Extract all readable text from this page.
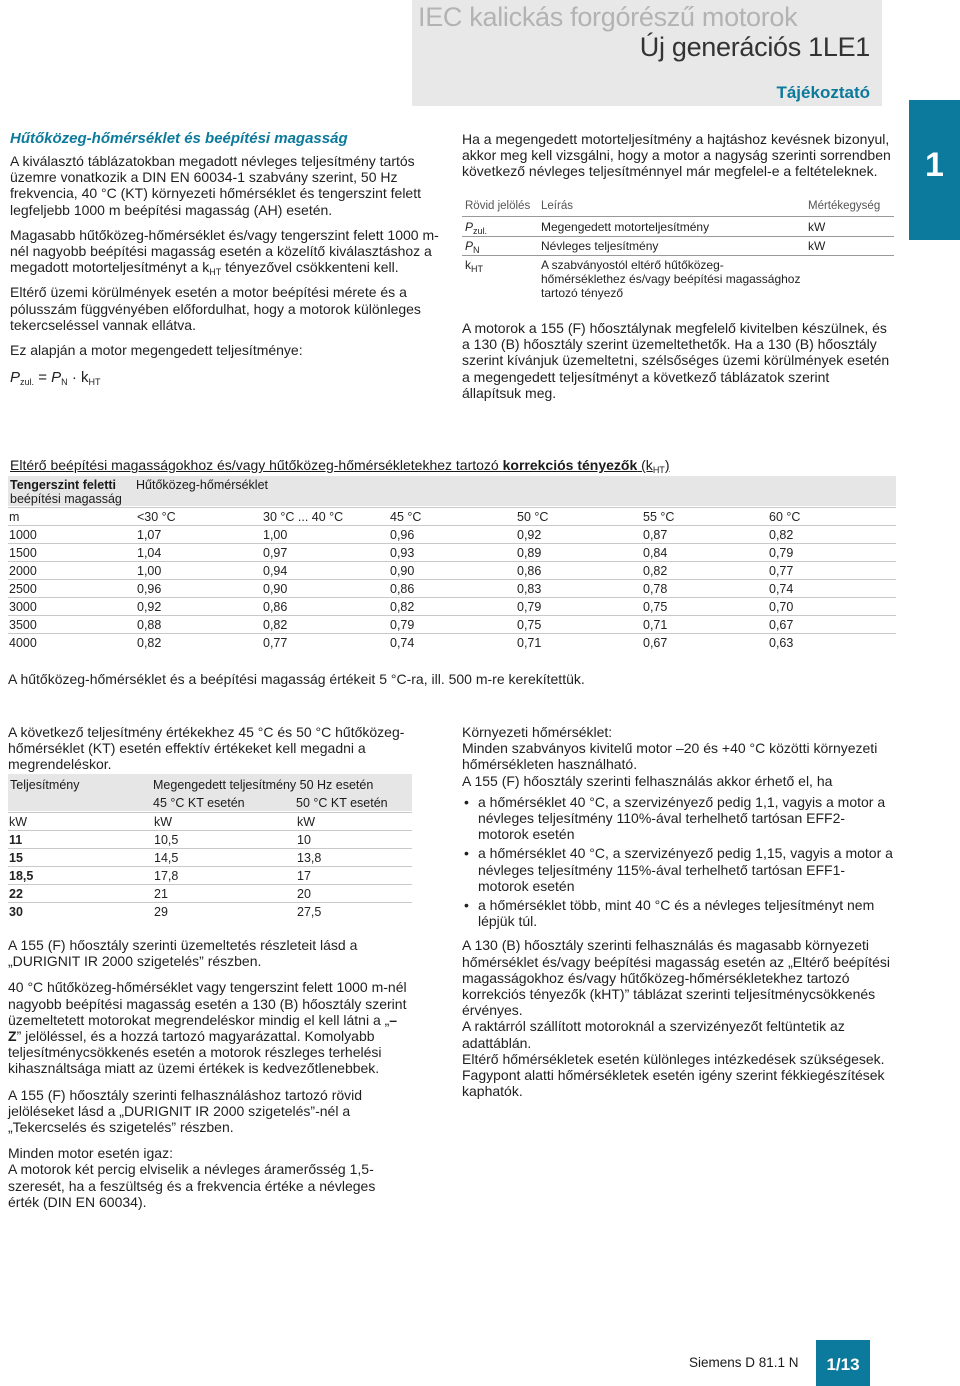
IEC kalickás forgórészű motorok
Új generációs 1LE1
Tájékoztató
1
Hűtőközeg-hőmérséklet és beépítési magasság

A kiválasztó táblázatokban megadott névleges teljesítmény tartós üzemre vonatkozik a DIN EN 60034-1 szabvány szerint, 50 Hz frekvencia, 40 °C (KT) környezeti hőmérséklet és tengerszint felett legfeljebb 1000 m beépítési magasság (AH) esetén.

Magasabb hűtőközeg-hőmérséklet és/vagy tengerszint felett 1000 m-nél nagyobb beépítési magasság esetén a közelítő kiválasztáshoz a megadott motorteljesítményt a $k_{HT}$ tényezővel csökkenteni kell.

Eltérő üzemi körülmények esetén a motor beépítési mérete és a pólusszám függvényében előfordulhat, hogy a motorok különleges tekercseléssel vannak ellátva.

Ez alapján a motor megengedett teljesítménye:

$P_{zul.} = P_N \cdot k_{HT}$

Ha a megengedett motorteljesítmény a hajtáshoz kevésnek bizonyul, akkor meg kell vizsgálni, hogy a motor a nagyság szerinti sorrendben következő névleges teljesítménnyel már megfelel-e a feltételeknek.

Rövid jelölés Leírás	Mértékegység
$P_{zul.}$	Megengedett motorteljesítmény	kW
$P_N$	Névleges teljesítmény	kW
$k_{HT}$	A szabványostól eltérő hűtőközeg-hőmérséklethez és/vagy beépítési magassághoz tartozó tényező

A motorok a 155 (F) hőosztálynak megfelelő kivitelben készülnek, és a 130 (B) hőosztály szerint üzemeltethetők. Ha a 130 (B) hőosztály szerint kívánjuk üzemeltetni, szélsőséges üzemi körülmények esetén a megengedett teljesítményt a következő táblázatok szerint állapítsuk meg.

Eltérő beépítési magasságokhoz és/vagy hűtőközeg-hőmérsékletekhez tartozó korrekciós tényezők $(k_{HT})$
Tengerszint feletti
beépítési magasság
Hűtőközeg-hőmérséklet
m	<30 °C	30 °C ... 40 °C	45 °C	50 °C	55 °C	60 °C
1000	1,07	1,00	0,96	0,92	0,87	0,82
1500	1,04	0,97	0,93	0,89	0,84	0,79
2000	1,00	0,94	0,90	0,86	0,82	0,77
2500	0,96	0,90	0,86	0,83	0,78	0,74
3000	0,92	0,86	0,82	0,79	0,75	0,70
3500	0,88	0,82	0,79	0,75	0,71	0,67
4000	0,82	0,77	0,74	0,71	0,67	0,63
A hűtőközeg-hőmérséklet és a beépítési magasság értékeit 5 °C-ra, ill. 500 m-re kerekítettük.

A következő teljesítmény értékekhez 45 °C és 50 °C hűtőközeg-hőmérséklet (KT) esetén effektív értékeket kell megadni a megrendeléskor.

Teljesítmény	Megengedett teljesítmény 50 Hz esetén
45 °C KT esetén	50 °C KT esetén
kW	kW	kW
11	10,5	10
15	14,5	13,8
18,5	17,8	17
22	21	20
30	29	27,5

A 155 (F) hőosztály szerinti üzemeltetés részleteit lásd a „DURIGNIT IR 2000 szigetelés” részben.

40 °C hűtőközeg-hőmérséklet vagy tengerszint felett 1000 m-nél nagyobb beépítési magasság esetén a 130 (B) hőosztály szerint üzemeltetett motorokat megrendeléskor mindig el kell látni a „–Z” jelöléssel, és a hozzá tartozó magyarázattal. Komolyabb teljesítménycsökkenés esetén a motorok részleges terhelési kihasználtsága miatt az üzemi értékek is kedvezőtlenebbek.

A 155 (F) hőosztály szerinti felhasználáshoz tartozó rövid jelöléseket lásd a „DURIGNIT IR 2000 szigetelés”-nél a „Tekercselés és szigetelés” részben.

Minden motor esetén igaz:

A motorok két percig elviselik a névleges áramerősség 1,5-szeresét, ha a feszültség és a frekvencia értéke a névleges érték (DIN EN 60034).

Környezeti hőmérséklet:

Minden szabványos kivitelű motor –20 és +40 °C közötti környezeti hőmérsékleten használható.

A 155 (F) hőosztály szerinti felhasználás akkor érhető el, ha

• a hőmérséklet 40 °C, a szervizényező pedig 1,1, vagyis a motor a névleges teljesítmény 110%-ával terhelhető tartósan EFF2-motorok esetén
• a hőmérséklet 40 °C, a szervizényező pedig 1,15, vagyis a motor a névleges teljesítmény 115%-ával terhelhető tartósan EFF1-motorok esetén
• a hőmérséklet több, mint 40 °C és a névleges teljesítményt nem lépjük túl.

A 130 (B) hőosztály szerinti felhasználás és magasabb környezeti hőmérséklet és/vagy beépítési magasság esetén az „Eltérő beépítési magasságokhoz és/vagy hűtőközeg-hőmérsékletekhez tartozó korrekciós tényezők (kHT)” táblázat szerinti teljesítménycsökkenés érvényes.

A raktárról szállított motoroknál a szervizényezőt feltüntetik az adattáblán.

Eltérő hőmérsékletek esetén különleges intézkedések szükségesek.

Fagypont alatti hőmérsékletek esetén igény szerint fékkiegészítések kaphatók.

Siemens D 81.1 N	1/13
